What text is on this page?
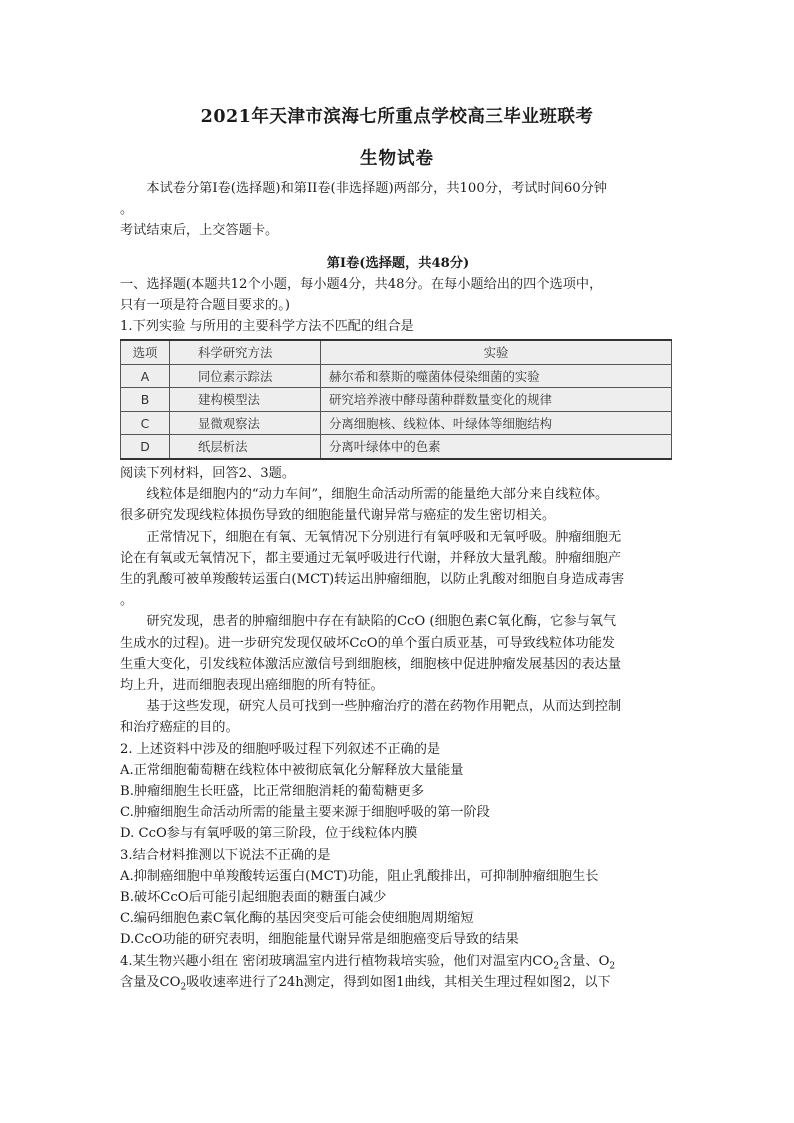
2021年天津市滨海七所重点学校高三毕业班联考
生物试卷

本试卷分第I卷(选择题)和第II卷(非选择题)两部分，共100分，考试时间60分钟

。

考试结束后，上交答题卡。

第I卷(选择题，共48分)

一、选择题(本题共12个小题，每小题4分，共48分。在每小题给出的四个选项中，

只有一项是符合题目要求的。)

1.下列实验 与所用的主要科学方法不匹配的组合是

选项	科学研究方法	实验
A	同位素示踪法	赫尔希和蔡斯的噬菌体侵染细菌的实验
B	建构模型法	研究培养液中酵母菌种群数量变化的规律
C	显微观察法	分离细胞核、线粒体、叶绿体等细胞结构
D	纸层析法	分离叶绿体中的色素

阅读下列材料，回答2、3题。

线粒体是细胞内的“动力车间”，细胞生命活动所需的能量绝大部分来自线粒体。

很多研究发现线粒体损伤导致的细胞能量代谢异常与癌症的发生密切相关。

正常情况下，细胞在有氧、无氧情况下分别进行有氧呼吸和无氧呼吸。肿瘤细胞无

论在有氧或无氧情况下，都主要通过无氧呼吸进行代谢，并释放大量乳酸。肿瘤细胞产

生的乳酸可被单羧酸转运蛋白(MCT)转运出肿瘤细胞，以防止乳酸对细胞自身造成毒害

。

研究发现，患者的肿瘤细胞中存在有缺陷的CcO (细胞色素C氧化酶，它参与氧气

生成水的过程)。进一步研究发现仅破坏CcO的单个蛋白质亚基，可导致线粒体功能发

生重大变化，引发线粒体激活应激信号到细胞核，细胞核中促进肿瘤发展基因的表达量

均上升，进而细胞表现出癌细胞的所有特征。

基于这些发现，研究人员可找到一些肿瘤治疗的潜在药物作用靶点，从而达到控制

和治疗癌症的目的。

2. 上述资料中涉及的细胞呼吸过程下列叙述不正确的是

A.正常细胞葡萄糖在线粒体中被彻底氧化分解释放大量能量

B.肿瘤细胞生长旺盛，比正常细胞消耗的葡萄糖更多

C.肿瘤细胞生命活动所需的能量主要来源于细胞呼吸的第一阶段

D. CcO参与有氧呼吸的第三阶段，位于线粒体内膜

3.结合材料推测以下说法不正确的是

A.抑制癌细胞中单羧酸转运蛋白(MCT)功能，阻止乳酸排出，可抑制肿瘤细胞生长

B.破坏CcO后可能引起细胞表面的糖蛋白减少

C.编码细胞色素C氧化酶的基因突变后可能会使细胞周期缩短

D.CcO功能的研究表明，细胞能量代谢异常是细胞癌变后导致的结果

4.某生物兴趣小组在 密闭玻璃温室内进行植物栽培实验，他们对温室内$CO_2$含量、$O_2$

含量及$CO_2$吸收速率进行了24h测定，得到如图1曲线，其相关生理过程如图2，以下
